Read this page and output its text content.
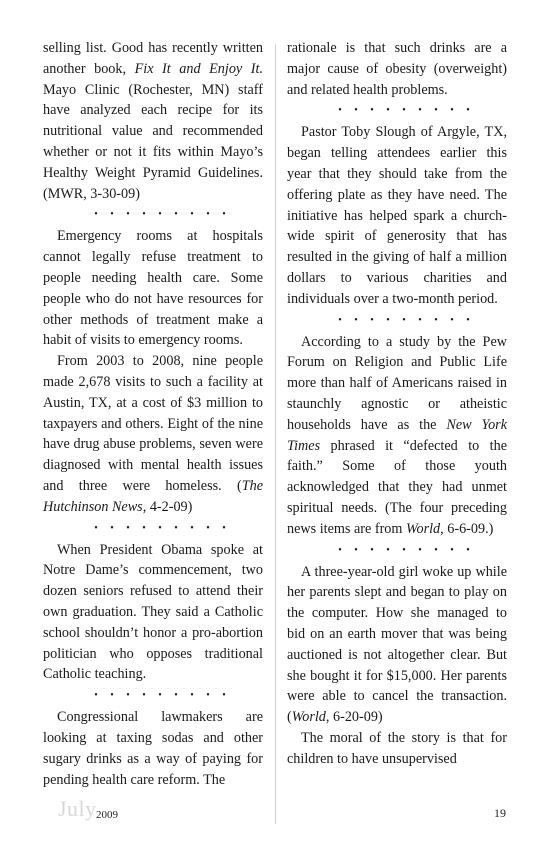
selling list. Good has recently written another book, Fix It and Enjoy It. Mayo Clinic (Rochester, MN) staff have analyzed each recipe for its nutritional value and recommended whether or not it fits within Mayo’s Healthy Weight Pyramid Guidelines. (MWR, 3-30-09)

• • • • • • • • •

Emergency rooms at hospitals cannot legally refuse treatment to people needing health care. Some people who do not have resources for other methods of treatment make a habit of visits to emergency rooms.

From 2003 to 2008, nine people made 2,678 visits to such a facility at Austin, TX, at a cost of $3 million to taxpayers and others. Eight of the nine have drug abuse problems, seven were diagnosed with mental health issues and three were homeless. (The Hutchinson News, 4-2-09)

• • • • • • • • •

When President Obama spoke at Notre Dame’s commencement, two dozen seniors refused to attend their own graduation. They said a Catholic school shouldn’t honor a pro-abortion politician who opposes traditional Catholic teaching.

• • • • • • • • •

Congressional lawmakers are looking at taxing sodas and other sugary drinks as a way of paying for pending health care reform. The

rationale is that such drinks are a major cause of obesity (overweight) and related health problems.

• • • • • • • • •

Pastor Toby Slough of Argyle, TX, began telling attendees earlier this year that they should take from the offering plate as they have need. The initiative has helped spark a church-wide spirit of generosity that has resulted in the giving of half a million dollars to various charities and individuals over a two-month period.

• • • • • • • • •

According to a study by the Pew Forum on Religion and Public Life more than half of Americans raised in staunchly agnostic or atheistic households have as the New York Times phrased it “defected to the faith.” Some of those youth acknowledged that they had unmet spiritual needs. (The four preceding news items are from World, 6-6-09.)

• • • • • • • • •

A three-year-old girl woke up while her parents slept and began to play on the computer. How she managed to bid on an earth mover that was being auctioned is not altogether clear. But she bought it for $15,000. Her parents were able to cancel the transaction. (World, 6-20-09)

The moral of the story is that for children to have unsupervised

July 2009	19
